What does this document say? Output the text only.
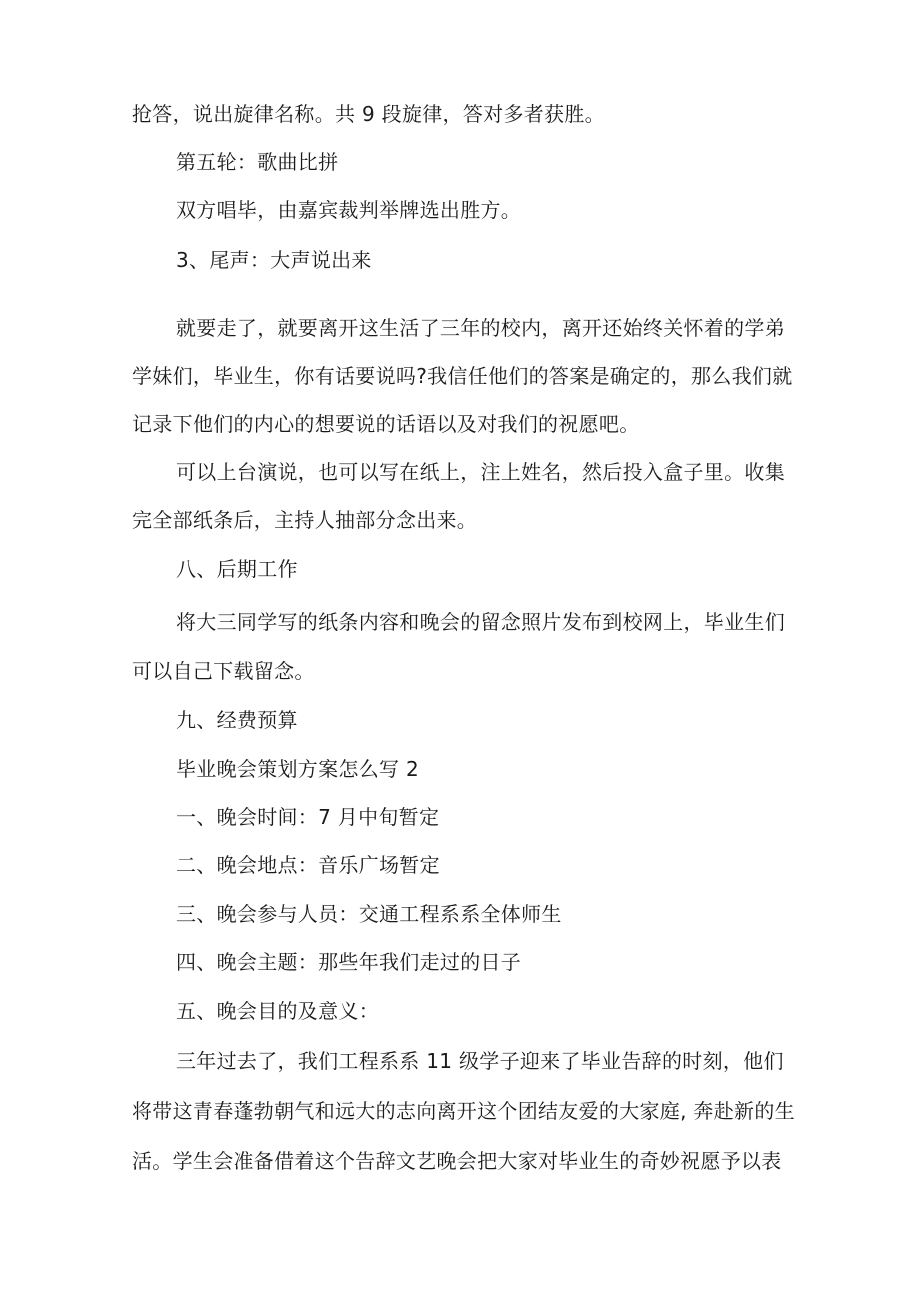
抢答，说出旋律名称。共 9 段旋律，答对多者获胜。
第五轮：歌曲比拼
双方唱毕，由嘉宾裁判举牌选出胜方。
3、尾声：大声说出来
就要走了，就要离开这生活了三年的校内，离开还始终关怀着的学弟
学妹们，毕业生，你有话要说吗?我信任他们的答案是确定的，那么我们就
记录下他们的内心的想要说的话语以及对我们的祝愿吧。
可以上台演说，也可以写在纸上，注上姓名，然后投入盒子里。收集
完全部纸条后，主持人抽部分念出来。
八、后期工作
将大三同学写的纸条内容和晚会的留念照片发布到校网上，毕业生们
可以自己下载留念。
九、经费预算
毕业晚会策划方案怎么写 2
一、晚会时间：7 月中旬暂定
二、晚会地点：音乐广场暂定
三、晚会参与人员：交通工程系系全体师生
四、晚会主题：那些年我们走过的日子
五、晚会目的及意义：
三年过去了，我们工程系系 11 级学子迎来了毕业告辞的时刻，他们
将带这青春蓬勃朝气和远大的志向离开这个团结友爱的大家庭, 奔赴新的生
活。学生会准备借着这个告辞文艺晚会把大家对毕业生的奇妙祝愿予以表
